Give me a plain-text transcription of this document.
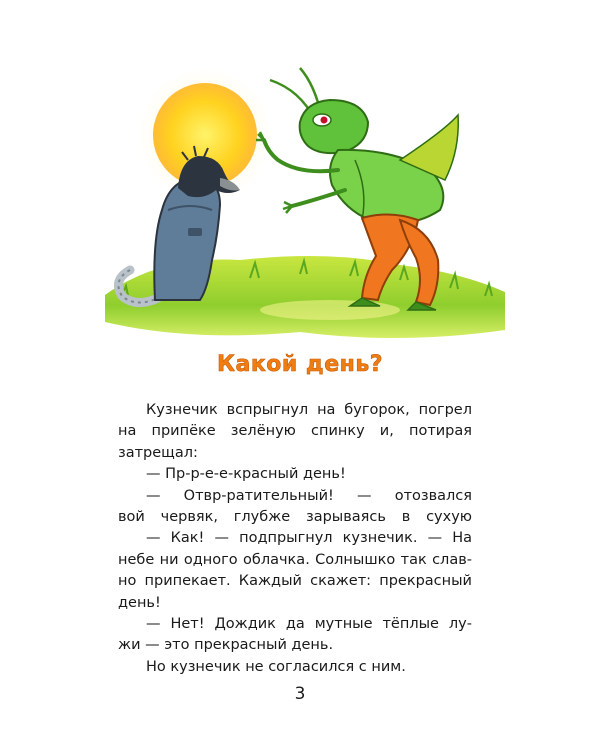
Какой день?
Кузнечик вспрыгнул на бугорок, погрел
на припёке зелёную спинку и, потирая
затрещал:
— Пр-р-е-е-красный день!
— Отвр-ратительный! — отозвался
вой червяк, глубже зарываясь в сухую
— Как! — подпрыгнул кузнечик. — На
небе ни одного облачка. Солнышко так слав-
но припекает. Каждый скажет: прекрасный
день!
— Нет! Дождик да мутные тёплые лу-
жи — это прекрасный день.
Но кузнечик не согласился с ним.
3
